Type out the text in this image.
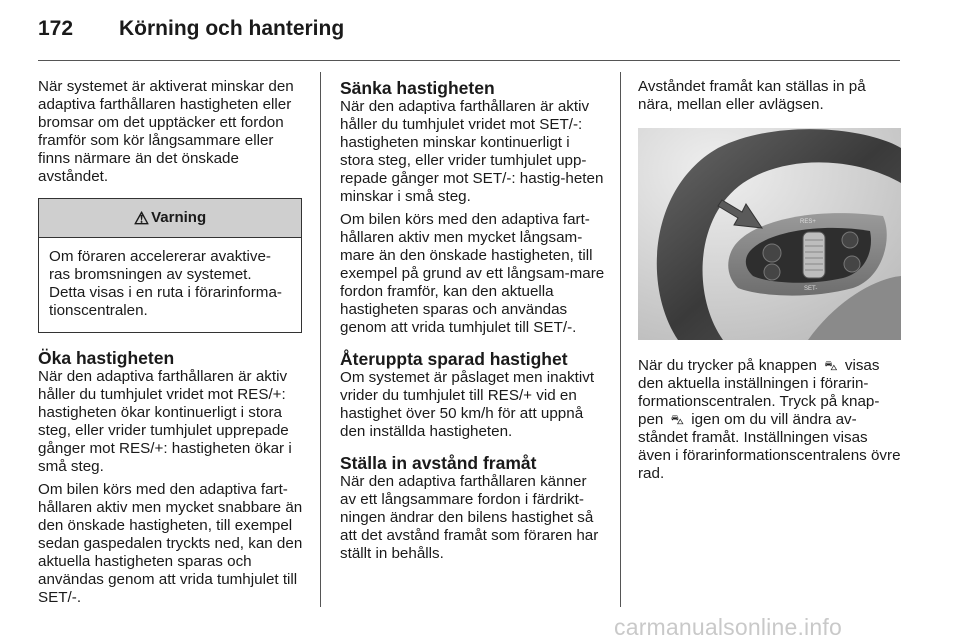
172 Körning och hantering

När systemet är aktiverat minskar den adaptiva farthållaren hastigheten eller bromsar om det upptäcker ett fordon framför som kör långsammare eller finns närmare än det önskade avståndet.

⚠ Varning
Om föraren accelererar avaktive-ras bromsningen av systemet. Detta visas i en ruta i förarinforma-tionscentralen.
Öka hastigheten

När den adaptiva farthållaren är aktiv håller du tumhjulet vridet mot RES/+: hastigheten ökar kontinuerligt i stora steg, eller vrider tumhjulet upprepade gånger mot RES/+: hastigheten ökar i små steg.

Om bilen körs med den adaptiva fart-hållaren aktiv men mycket snabbare än den önskade hastigheten, till exempel sedan gaspedalen tryckts ned, kan den aktuella hastigheten sparas och användas genom att vrida tumhjulet till SET/-.

Sänka hastigheten

När den adaptiva farthållaren är aktiv håller du tumhjulet vridet mot SET/-: hastigheten minskar kontinuerligt i stora steg, eller vrider tumhjulet upp-repade gånger mot SET/-: hastig-heten minskar i små steg.

Om bilen körs med den adaptiva fart-hållaren aktiv men mycket långsam-mare än den önskade hastigheten, till exempel på grund av ett långsam-mare fordon framför, kan den aktuella hastigheten sparas och användas genom att vrida tumhjulet till SET/-.

Återuppta sparad hastighet

Om systemet är påslaget men inaktivt vrider du tumhjulet till RES/+ vid en hastighet över 50 km/h för att uppnå den inställda hastigheten.

Ställa in avstånd framåt

När den adaptiva farthållaren känner av ett långsammare fordon i färdrikt-ningen ändrar den bilens hastighet så att det avstånd framåt som föraren har ställt in behålls.

Avståndet framåt kan ställas in på nära, mellan eller avlägsen.

RES+
SET-

När du trycker på knappen ⛍ visas den aktuella inställningen i förarin-formationscentralen. Tryck på knap-pen ⛍ igen om du vill ändra av-ståndet framåt. Inställningen visas även i förarinformationscentralens övre rad.

carmanualsonline.info
